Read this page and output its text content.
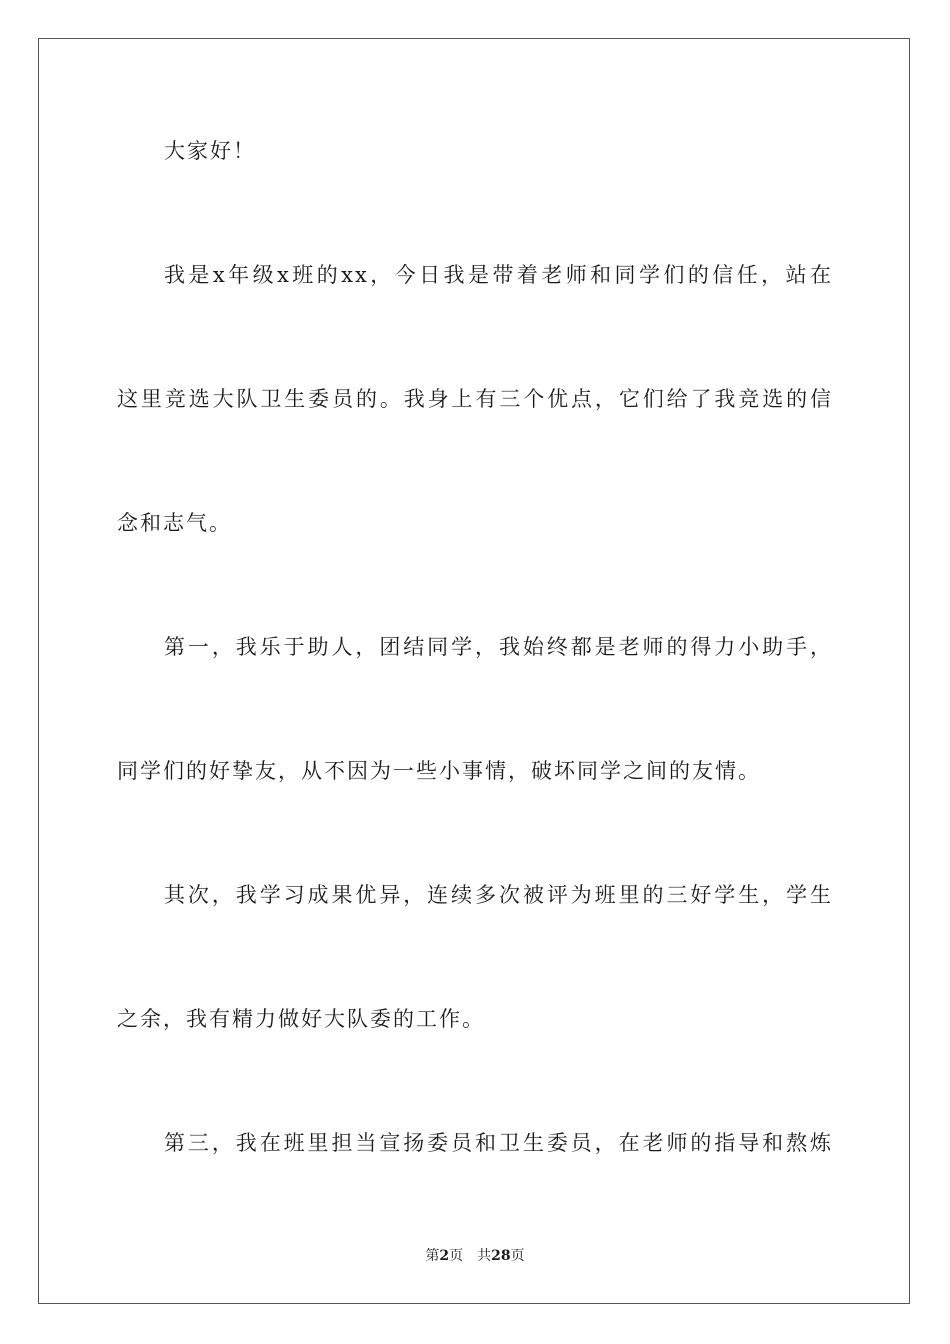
大家好！
我是x年级x班的xx，今日我是带着老师和同学们的信任，站在
这里竞选大队卫生委员的。我身上有三个优点，它们给了我竞选的信
念和志气。
第一，我乐于助人，团结同学，我始终都是老师的得力小助手，
同学们的好挚友，从不因为一些小事情，破坏同学之间的友情。
其次，我学习成果优异，连续多次被评为班里的三好学生，学生
之余，我有精力做好大队委的工作。
第三，我在班里担当宣扬委员和卫生委员，在老师的指导和熬炼
第2页 共28页
